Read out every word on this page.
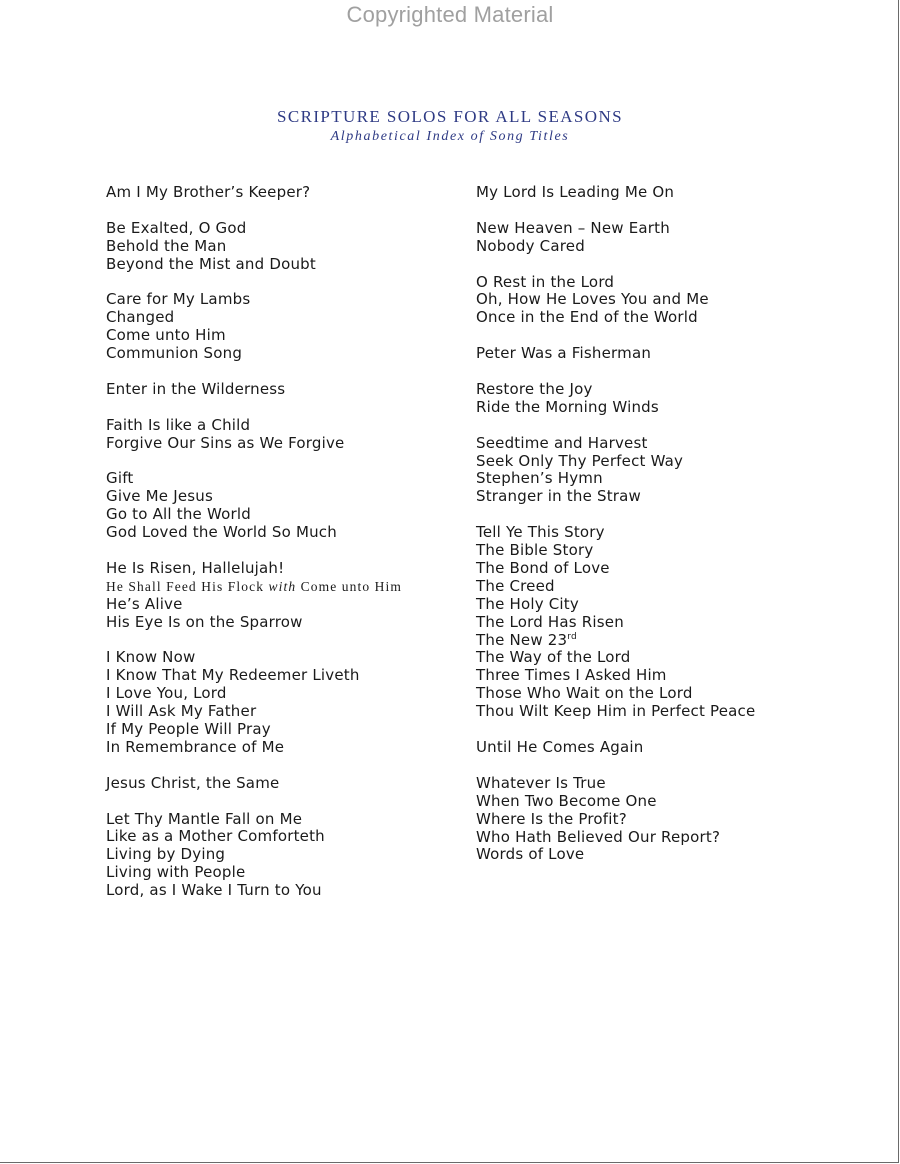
Copyrighted Material
SCRIPTURE SOLOS FOR ALL SEASONS
Alphabetical Index of Song Titles
Am I My Brother’s Keeper?
Be Exalted, O God
Behold the Man
Beyond the Mist and Doubt
Care for My Lambs
Changed
Come unto Him
Communion Song
Enter in the Wilderness
Faith Is like a Child
Forgive Our Sins as We Forgive
Gift
Give Me Jesus
Go to All the World
God Loved the World So Much
He Is Risen, Hallelujah!
He Shall Feed His Flock with Come unto Him
He’s Alive
His Eye Is on the Sparrow
I Know Now
I Know That My Redeemer Liveth
I Love You, Lord
I Will Ask My Father
If My People Will Pray
In Remembrance of Me
Jesus Christ, the Same
Let Thy Mantle Fall on Me
Like as a Mother Comforteth
Living by Dying
Living with People
Lord, as I Wake I Turn to You
My Lord Is Leading Me On
New Heaven – New Earth
Nobody Cared
O Rest in the Lord
Oh, How He Loves You and Me
Once in the End of the World
Peter Was a Fisherman
Restore the Joy
Ride the Morning Winds
Seedtime and Harvest
Seek Only Thy Perfect Way
Stephen’s Hymn
Stranger in the Straw
Tell Ye This Story
The Bible Story
The Bond of Love
The Creed
The Holy City
The Lord Has Risen
The New 23rd
The Way of the Lord
Three Times I Asked Him
Those Who Wait on the Lord
Thou Wilt Keep Him in Perfect Peace
Until He Comes Again
Whatever Is True
When Two Become One
Where Is the Profit?
Who Hath Believed Our Report?
Words of Love
